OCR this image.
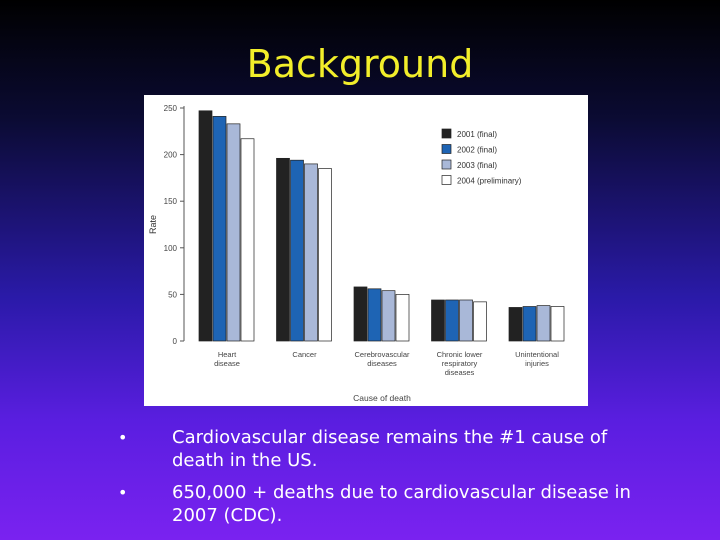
Background
0
50
100
150
200
250
Rate
Heart
disease
Cancer	Cerebrovascular
diseases
Chronic lower
respiratory
diseases
Unintentional
injuries
Cause of death
2001 (final)
2002 (final)
2003 (final)
2004 (preliminary)
• Cardiovascular disease remains the #1 cause of death in the US.
• 650,000 + deaths due to cardiovascular disease in 2007 (CDC).
